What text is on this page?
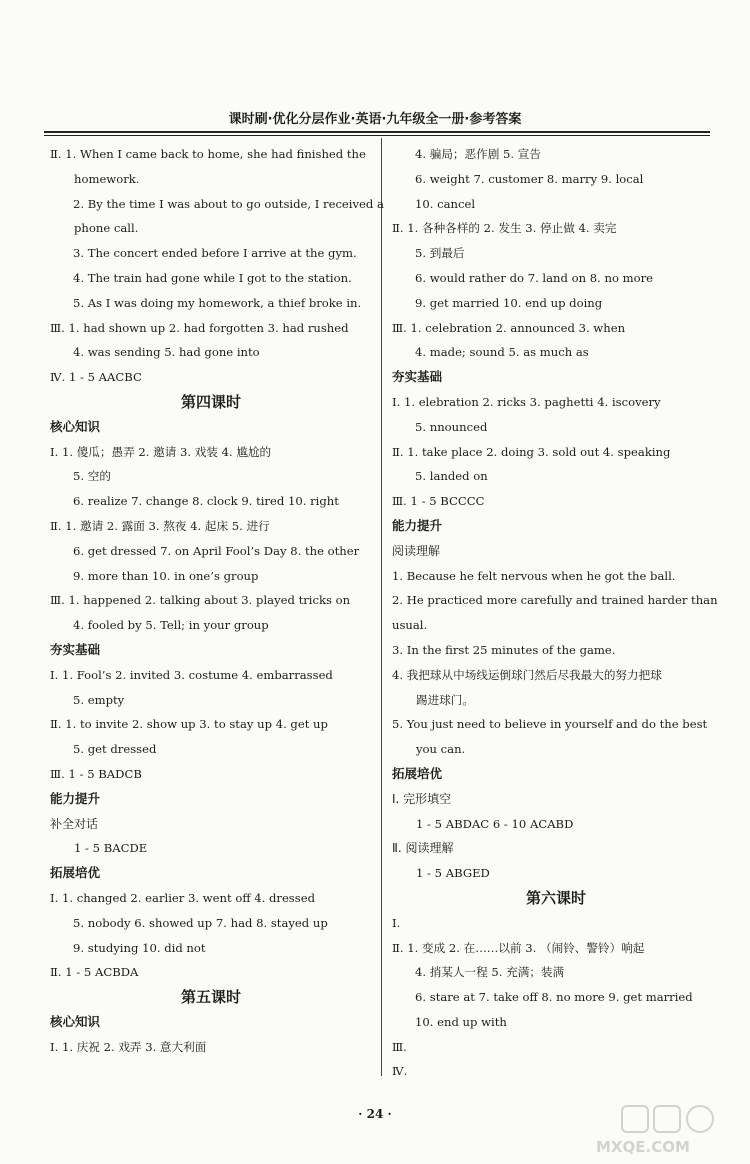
课时刷·优化分层作业·英语·九年级全一册·参考答案
Ⅱ. 1. When I came back to home, she had finished the
homework.
2. By the time I was about to go outside, I received a
phone call.
3. The concert ended before I arrive at the gym.
4. The train had gone while I got to the station.
5. As I was doing my homework, a thief broke in.
Ⅲ. 1. had shown up 2. had forgotten 3. had rushed
4. was sending 5. had gone into
Ⅳ. 1 - 5 AACBC
第四课时
核心知识
Ⅰ. 1. 傻瓜；愚弄 2. 邀请 3. 戏装 4. 尴尬的
5. 空的
6. realize 7. change 8. clock 9. tired 10. right
Ⅱ. 1. 邀请 2. 露面 3. 熬夜 4. 起床 5. 进行
6. get dressed 7. on April Fool’s Day 8. the other
9. more than 10. in one’s group
Ⅲ. 1. happened 2. talking about 3. played tricks on
4. fooled by 5. Tell; in your group
夯实基础
Ⅰ. 1. Fool’s 2. invited 3. costume 4. embarrassed
5. empty
Ⅱ. 1. to invite 2. show up 3. to stay up 4. get up
5. get dressed
Ⅲ. 1 - 5 BADCB
能力提升
补全对话
1 - 5 BACDE
拓展培优
Ⅰ. 1. changed 2. earlier 3. went off 4. dressed
5. nobody 6. showed up 7. had 8. stayed up
9. studying 10. did not
Ⅱ. 1 - 5 ACBDA
第五课时
核心知识
Ⅰ. 1. 庆祝 2. 戏弄 3. 意大利面
4. 骗局；恶作剧 5. 宣告
6. weight 7. customer 8. marry 9. local
10. cancel
Ⅱ. 1. 各种各样的 2. 发生 3. 停止做 4. 卖完
5. 到最后
6. would rather do 7. land on 8. no more
9. get married 10. end up doing
Ⅲ. 1. celebration 2. announced 3. when
4. made; sound 5. as much as
夯实基础
Ⅰ. 1. elebration 2. ricks 3. paghetti 4. iscovery
5. nnounced
Ⅱ. 1. take place 2. doing 3. sold out 4. speaking
5. landed on
Ⅲ. 1 - 5 BCCCC
能力提升
阅读理解
1. Because he felt nervous when he got the ball.
2. He practiced more carefully and trained harder than
usual.
3. In the first 25 minutes of the game.
4. 我把球从中场线运倒球门然后尽我最大的努力把球
踢进球门。
5. You just need to believe in yourself and do the best
you can.
拓展培优
Ⅰ. 完形填空
1 - 5 ABDAC 6 - 10 ACABD
Ⅱ. 阅读理解
1 - 5 ABGED
第六课时
Ⅰ.
Ⅱ. 1. 变成 2. 在……以前 3. （闹铃、警铃）响起
4. 捎某人一程 5. 充满；装满
6. stare at 7. take off 8. no more 9. get married
10. end up with
Ⅲ.
Ⅳ.
· 24 ·
MXQE.COM
